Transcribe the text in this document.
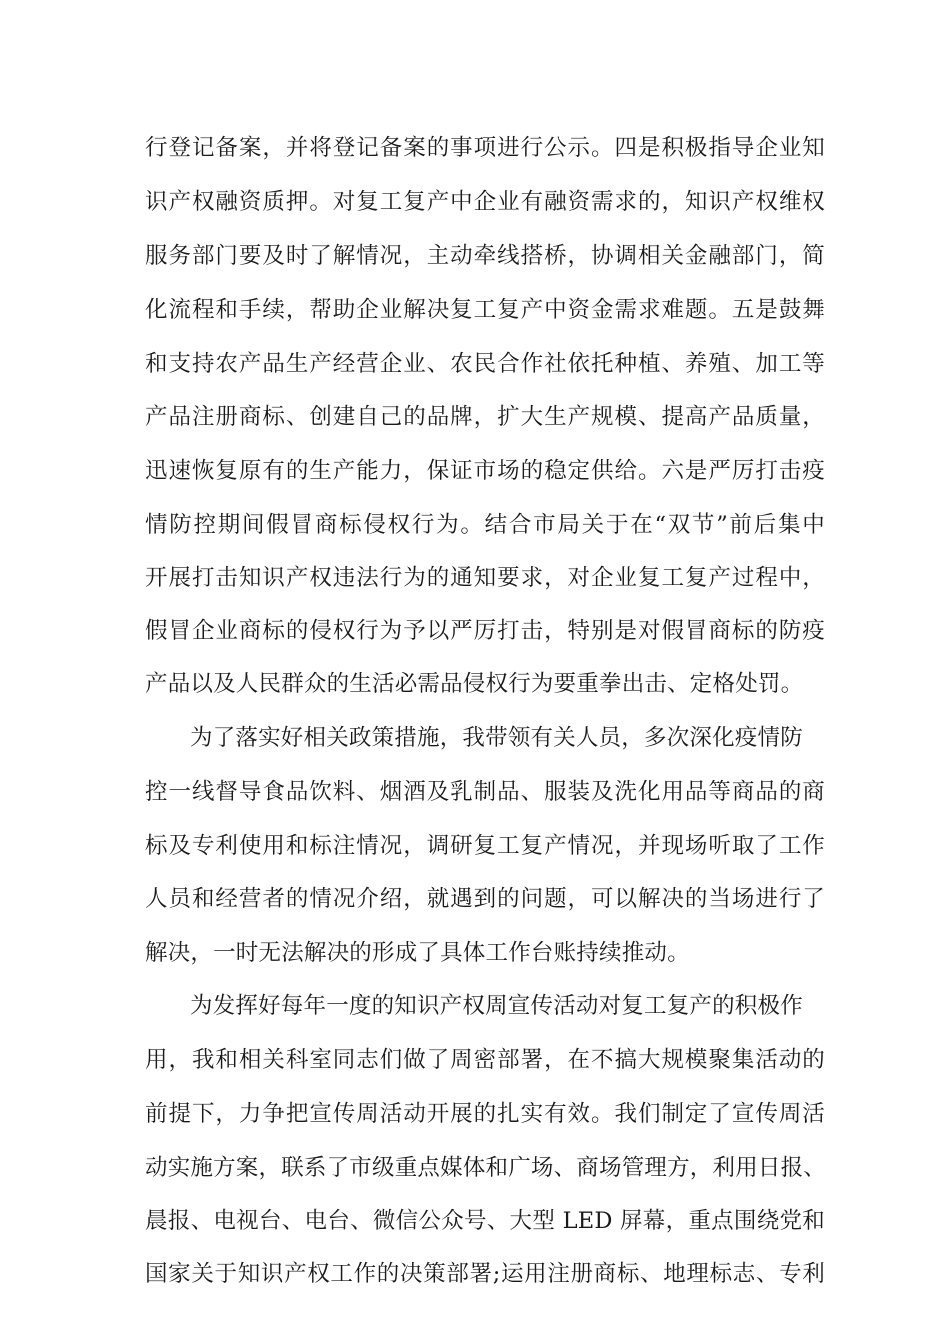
行登记备案，并将登记备案的事项进行公示。四是积极指导企业知
识产权融资质押。对复工复产中企业有融资需求的，知识产权维权
服务部门要及时了解情况，主动牵线搭桥，协调相关金融部门，简
化流程和手续，帮助企业解决复工复产中资金需求难题。五是鼓舞
和支持农产品生产经营企业、农民合作社依托种植、养殖、加工等
产品注册商标、创建自己的品牌，扩大生产规模、提高产品质量，
迅速恢复原有的生产能力，保证市场的稳定供给。六是严厉打击疫
情防控期间假冒商标侵权行为。结合市局关于在“双节”前后集中
开展打击知识产权违法行为的通知要求，对企业复工复产过程中，
假冒企业商标的侵权行为予以严厉打击，特别是对假冒商标的防疫
产品以及人民群众的生活必需品侵权行为要重拳出击、定格处罚。
为了落实好相关政策措施，我带领有关人员，多次深化疫情防
控一线督导食品饮料、烟酒及乳制品、服装及洗化用品等商品的商
标及专利使用和标注情况，调研复工复产情况，并现场听取了工作
人员和经营者的情况介绍，就遇到的问题，可以解决的当场进行了
解决，一时无法解决的形成了具体工作台账持续推动。
为发挥好每年一度的知识产权周宣传活动对复工复产的积极作
用，我和相关科室同志们做了周密部署，在不搞大规模聚集活动的
前提下，力争把宣传周活动开展的扎实有效。我们制定了宣传周活
动实施方案，联系了市级重点媒体和广场、商场管理方，利用日报、
晨报、电视台、电台、微信公众号、大型 LED 屏幕，重点围绕党和
国家关于知识产权工作的决策部署;运用注册商标、地理标志、专利
